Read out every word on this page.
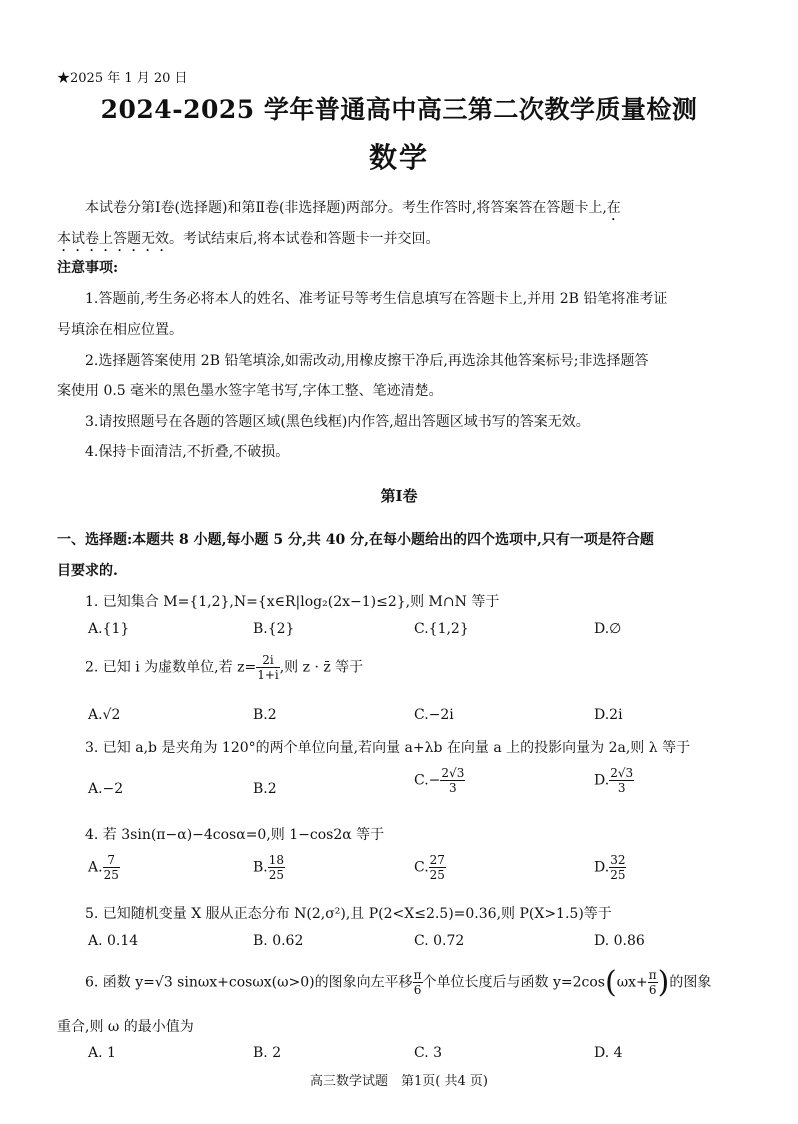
★2025 年 1 月 20 日
2024-2025 学年普通高中高三第二次教学质量检测
数学
本试卷分第Ⅰ卷(选择题)和第Ⅱ卷(非选择题)两部分。考生作答时,将答案答在答题卡上,在
本试卷上答题无效。考试结束后,将本试卷和答题卡一并交回。
注意事项:
1.答题前,考生务必将本人的姓名、准考证号等考生信息填写在答题卡上,并用 2B 铅笔将准考证
号填涂在相应位置。
2.选择题答案使用 2B 铅笔填涂,如需改动,用橡皮擦干净后,再选涂其他答案标号;非选择题答
案使用 0.5 毫米的黑色墨水签字笔书写,字体工整、笔迹清楚。
3.请按照题号在各题的答题区域(黑色线框)内作答,超出答题区域书写的答案无效。
4.保持卡面清洁,不折叠,不破损。
第Ⅰ卷
一、选择题:本题共 8 小题,每小题 5 分,共 40 分,在每小题给出的四个选项中,只有一项是符合题
目要求的.
1. 已知集合 M={1,2},N={x∈R|log₂(2x−1)≤2},则 M∩N 等于
A.{1}	B.{2}	C.{1,2}	D.∅
2. 已知 i 为虚数单位,若 $z= \frac{2i}{1+i}$ ,则 z · z̄ 等于
A.√2	B.2	C.−2i	D.2i
3. 已知 a,b 是夹角为 120°的两个单位向量,若向量 a+λb 在向量 a 上的投影向量为 2a,则 λ 等于
A.−2	B.2
$C.- \frac{2√3}{3}$	D. $\frac{2√3}{3}$
4. 若 3sin(π−α)−4cosα=0,则 1−cos2α 等于
A. $\frac{7}{25}$	B. $\frac{18}{25}$	C. $\frac{27}{25}$	D. $\frac{32}{25}$
5. 已知随机变量 X 服从正态分布 N(2,σ²),且 P(2<X≤2.5)=0.36,则 P(X>1.5)等于
A. 0.14	B. 0.62	C. 0.72	D. 0.86
6. 函数 y=√3 sinωx+cosωx(ω>0)的图象向左平移 $\frac{\pi}{6}$ 个单位长度后与函数 $y=2\cos(\omega x+ \frac{\pi}{6}$ )的图象
重合,则 ω 的最小值为
A. 1	B. 2	C. 3	D. 4
高三数学试题　第1页( 共4 页)
